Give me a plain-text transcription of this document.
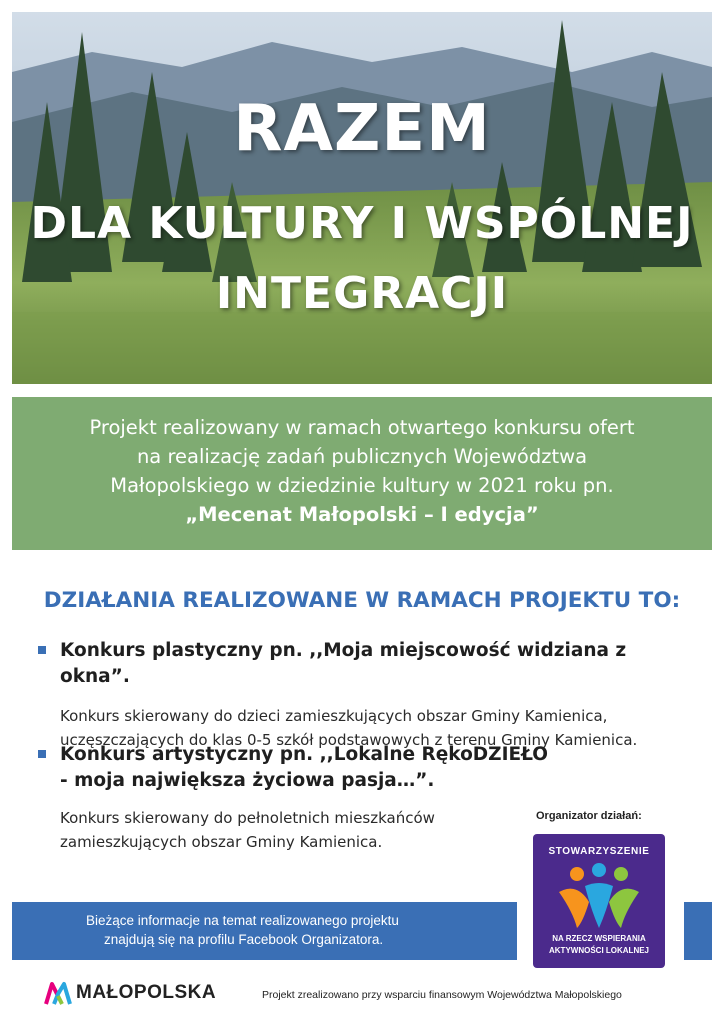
RAZEM
DLA KULTURY I WSPÓLNEJ
INTEGRACJI
Projekt realizowany w ramach otwartego konkursu ofert
na realizację zadań publicznych Województwa
Małopolskiego w dziedzinie kultury w 2021 roku pn.
„Mecenat Małopolski – I edycja”
DZIAŁANIA REALIZOWANE W RAMACH PROJEKTU TO:
Konkurs plastyczny pn. ,,Moja miejscowość widziana z okna”.
Konkurs skierowany do dzieci zamieszkujących obszar Gminy Kamienica,
uczęszczających do klas 0-5 szkół podstawowych z terenu Gminy Kamienica.
Konkurs artystyczny pn. ,,Lokalne RękoDZIEŁO
- moja największa życiowa pasja…”.
Konkurs skierowany do pełnoletnich mieszkańców
zamieszkujących obszar Gminy Kamienica.
Organizator działań:
STOWARZYSZENIE
NA RZECZ WSPIERANIA
AKTYWNOŚCI LOKALNEJ
Bieżące informacje na temat realizowanego projektu
znajdują się na profilu Facebook Organizatora.
MAŁOPOLSKA	Projekt zrealizowano przy wsparciu finansowym Województwa Małopolskiego
